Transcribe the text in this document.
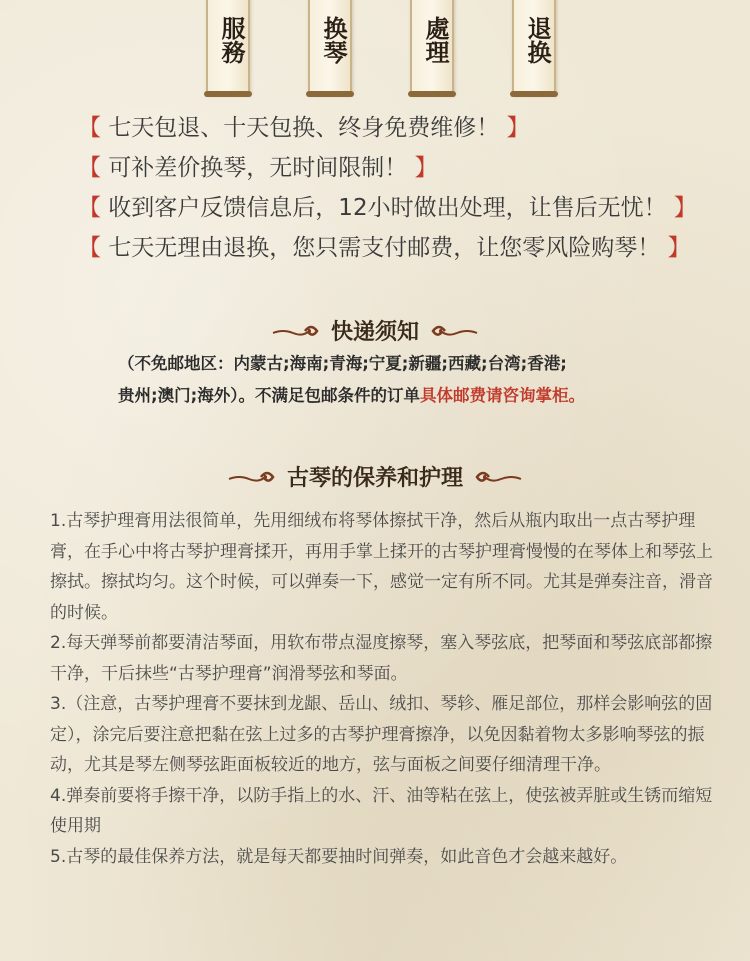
服務	换琴	處理	退换
【 七天包退、十天包换、终身免费维修！ 】
【 可补差价换琴，无时间限制！ 】
【 收到客户反馈信息后，12小时做出处理，让售后无忧！ 】
【 七天无理由退换，您只需支付邮费，让您零风险购琴！ 】
快递须知
（不免邮地区：内蒙古;海南;青海;宁夏;新疆;西藏;台湾;香港;
贵州;澳门;海外）。不满足包邮条件的订单具体邮费请咨询掌柜。
古琴的保养和护理

1.古琴护理膏用法很简单，先用细绒布将琴体擦拭干净，然后从瓶内取出一点古琴护理膏，在手心中将古琴护理膏揉开，再用手掌上揉开的古琴护理膏慢慢的在琴体上和琴弦上擦拭。擦拭均匀。这个时候，可以弹奏一下，感觉一定有所不同。尤其是弹奏注音，滑音的时候。

2.每天弹琴前都要清洁琴面，用软布带点湿度擦琴，塞入琴弦底，把琴面和琴弦底部都擦干净，干后抹些“古琴护理膏”润滑琴弦和琴面。

3.（注意，古琴护理膏不要抹到龙龈、岳山、绒扣、琴轸、雁足部位，那样会影响弦的固定），涂完后要注意把黏在弦上过多的古琴护理膏擦净，以免因黏着物太多影响琴弦的振动，尤其是琴左侧琴弦距面板较近的地方，弦与面板之间要仔细清理干净。

4.弹奏前要将手擦干净，以防手指上的水、汗、油等粘在弦上，使弦被弄脏或生锈而缩短使用期

5.古琴的最佳保养方法，就是每天都要抽时间弹奏，如此音色才会越来越好。
